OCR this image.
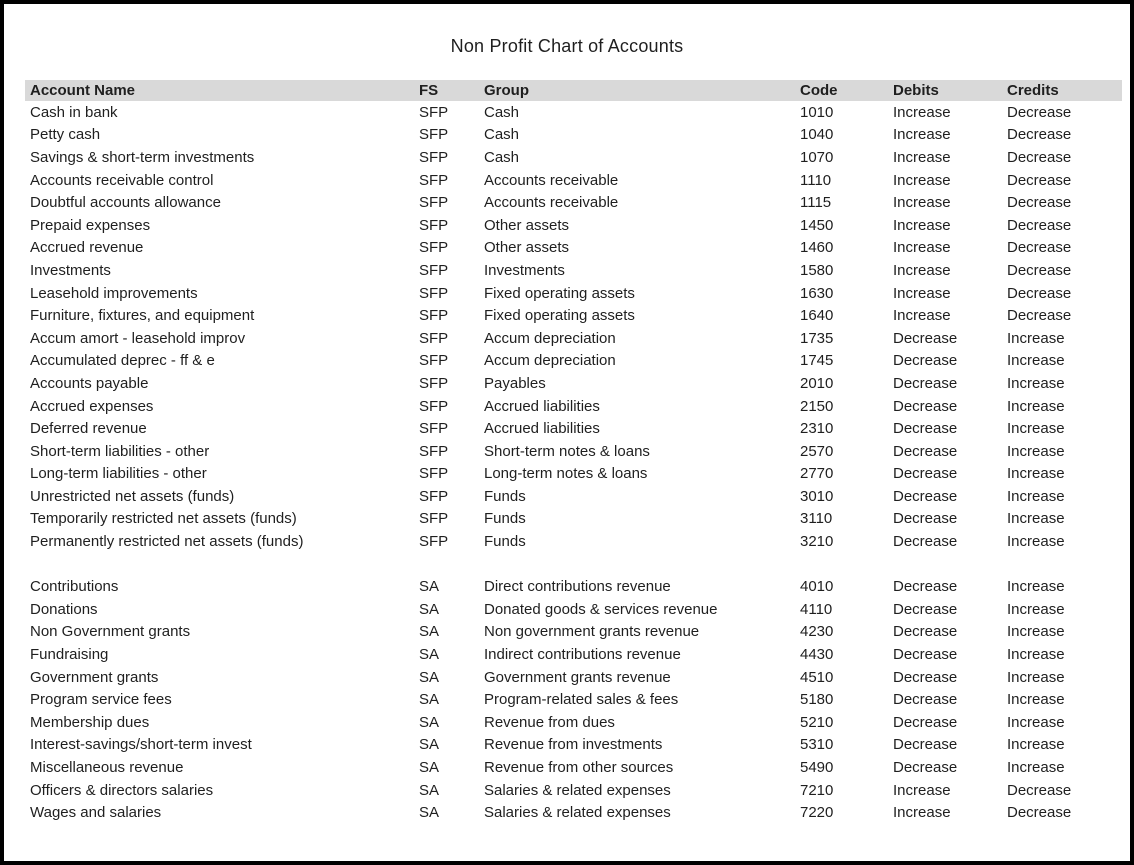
Non Profit Chart of Accounts
Account Name	FS	Group	Code	Debits	Credits
Cash in bank	SFP	Cash	1010	Increase	Decrease
Petty cash	SFP	Cash	1040	Increase	Decrease
Savings & short-term investments	SFP	Cash	1070	Increase	Decrease
Accounts receivable control	SFP	Accounts receivable	1110	Increase	Decrease
Doubtful accounts allowance	SFP	Accounts receivable	1115	Increase	Decrease
Prepaid expenses	SFP	Other assets	1450	Increase	Decrease
Accrued revenue	SFP	Other assets	1460	Increase	Decrease
Investments	SFP	Investments	1580	Increase	Decrease
Leasehold improvements	SFP	Fixed operating assets	1630	Increase	Decrease
Furniture, fixtures, and equipment	SFP	Fixed operating assets	1640	Increase	Decrease
Accum amort - leasehold improv	SFP	Accum depreciation	1735	Decrease	Increase
Accumulated deprec - ff & e	SFP	Accum depreciation	1745	Decrease	Increase
Accounts payable	SFP	Payables	2010	Decrease	Increase
Accrued expenses	SFP	Accrued liabilities	2150	Decrease	Increase
Deferred revenue	SFP	Accrued liabilities	2310	Decrease	Increase
Short-term liabilities - other	SFP	Short-term notes & loans	2570	Decrease	Increase
Long-term liabilities - other	SFP	Long-term notes & loans	2770	Decrease	Increase
Unrestricted net assets (funds)	SFP	Funds	3010	Decrease	Increase
Temporarily restricted net assets (funds)	SFP	Funds	3110	Decrease	Increase
Permanently restricted net assets (funds)	SFP	Funds	3210	Decrease	Increase

Contributions	SA	Direct contributions revenue	4010	Decrease	Increase
Donations	SA	Donated goods & services revenue	4110	Decrease	Increase
Non Government grants	SA	Non government grants revenue	4230	Decrease	Increase
Fundraising	SA	Indirect contributions revenue	4430	Decrease	Increase
Government grants	SA	Government grants revenue	4510	Decrease	Increase
Program service fees	SA	Program-related sales & fees	5180	Decrease	Increase
Membership dues	SA	Revenue from dues	5210	Decrease	Increase
Interest-savings/short-term invest	SA	Revenue from investments	5310	Decrease	Increase
Miscellaneous revenue	SA	Revenue from other sources	5490	Decrease	Increase
Officers & directors salaries	SA	Salaries & related expenses	7210	Increase	Decrease
Wages and salaries	SA	Salaries & related expenses	7220	Increase	Decrease
